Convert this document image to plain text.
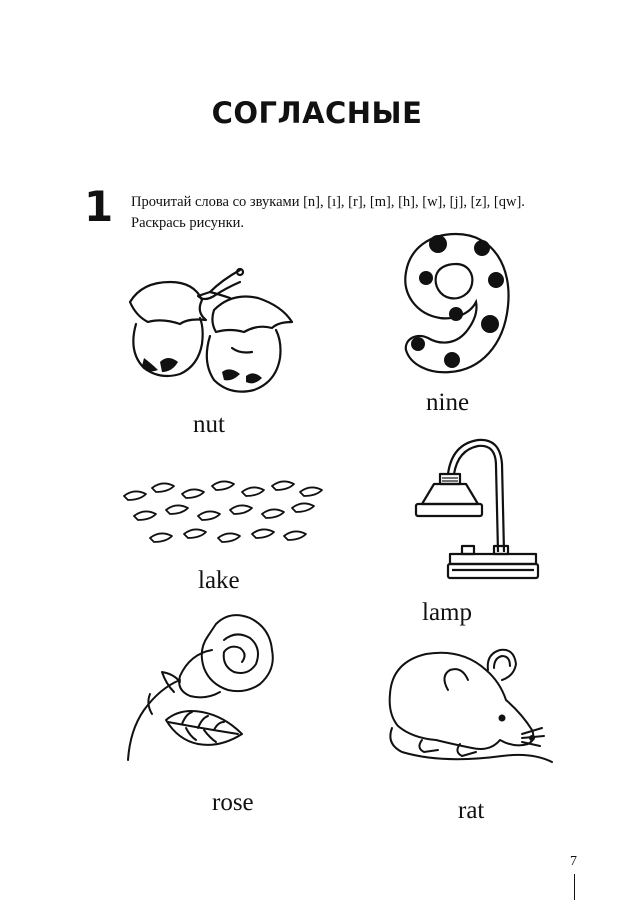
СОГЛАСНЫЕ
1 Прочитай слова со звуками [n], [ı], [r], [m], [h], [w], [j], [z], [qw].
Раскрась рисунки.
nut
nine
lake
lamp
rose	rat
7
